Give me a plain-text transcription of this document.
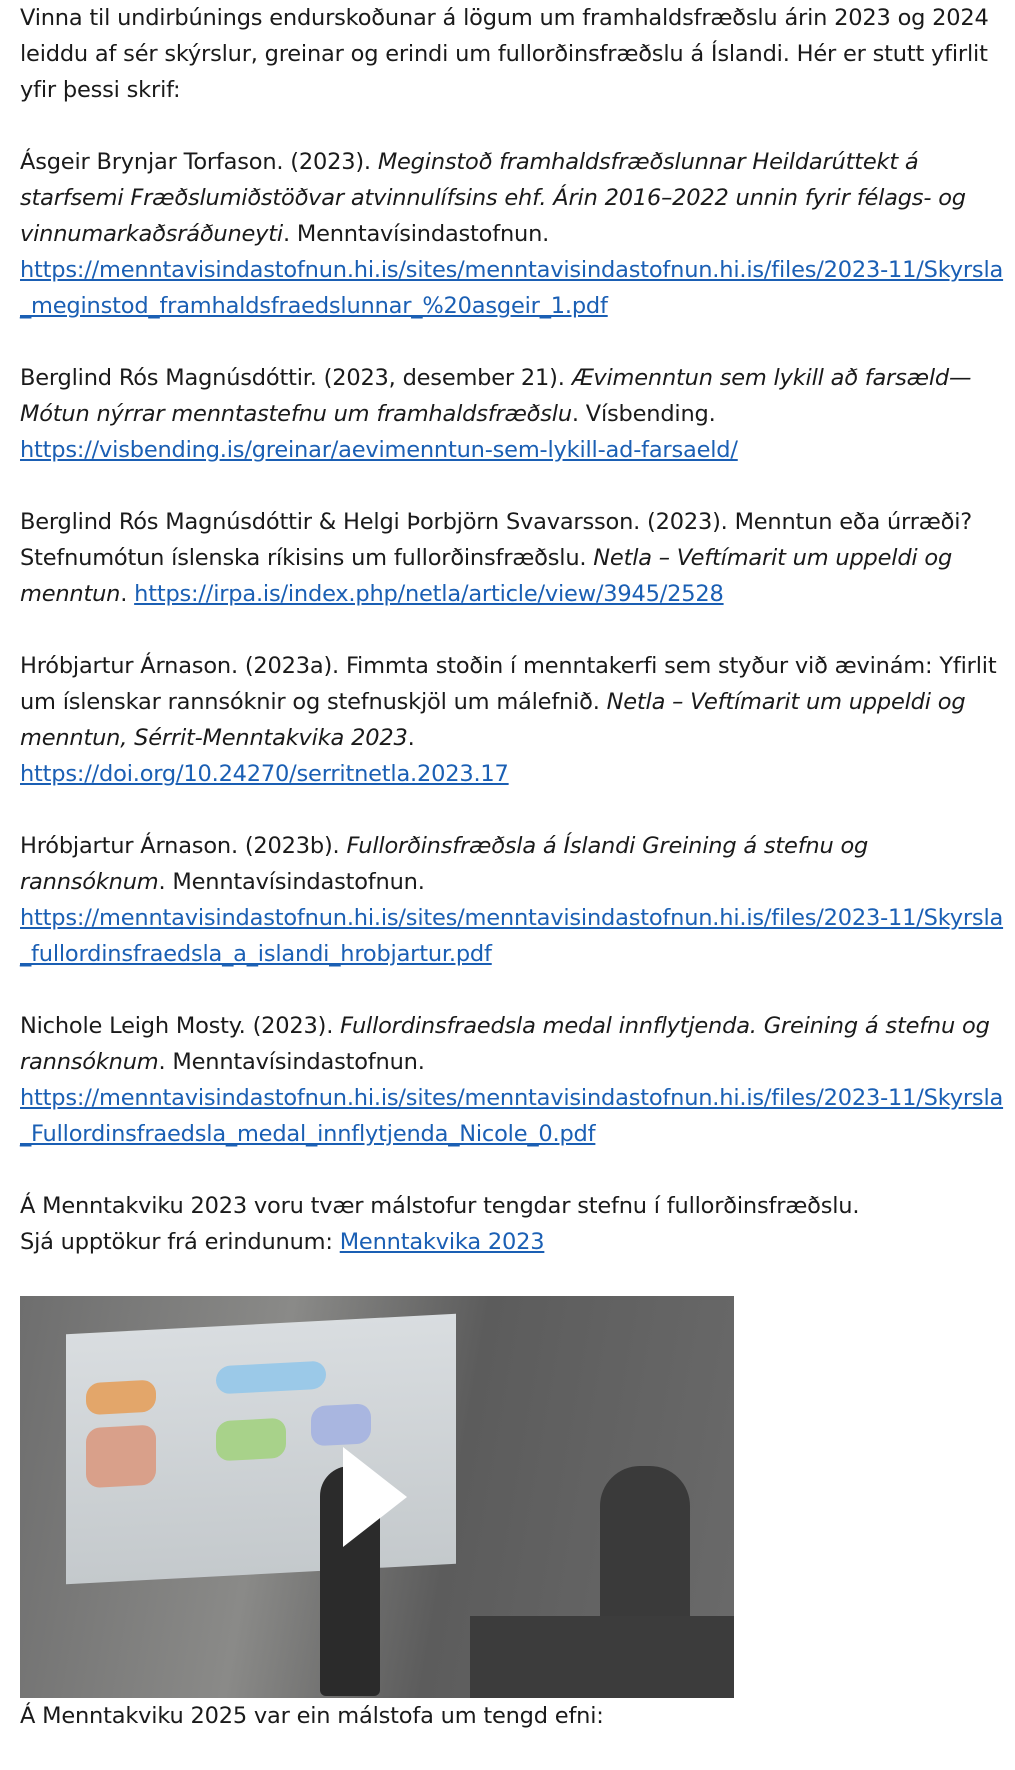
Vinna til undirbúnings endurskoðunar á lögum um framhaldsfræðslu árin 2023 og 2024 leiddu af sér skýrslur, greinar og erindi um fullorðinsfræðslu á Íslandi. Hér er stutt yfirlit yfir þessi skrif:

Ásgeir Brynjar Torfason. (2023). Meginstoð framhaldsfræðslunnar Heildarúttekt á starfsemi Fræðslumiðstöðvar atvinnulífsins ehf. Árin 2016–2022 unnin fyrir félags- og vinnumarkaðsráðuneyti. Menntavísindastofnun.
https://menntavisindastofnun.hi.is/sites/menntavisindastofnun.hi.is/files/2023-11/Skyrsla_meginstod_framhaldsfraedslunnar_%20asgeir_1.pdf

Berglind Rós Magnúsdóttir. (2023, desember 21). Ævimenntun sem lykill að farsæld—Mótun nýrrar menntastefnu um framhaldsfræðslu. Vísbending.
https://visbending.is/greinar/aevimenntun-sem-lykill-ad-farsaeld/

Berglind Rós Magnúsdóttir & Helgi Þorbjörn Svavarsson. (2023). Menntun eða úrræði? Stefnumótun íslenska ríkisins um fullorðinsfræðslu. Netla – Veftímarit um uppeldi og menntun. https://irpa.is/index.php/netla/article/view/3945/2528

Hróbjartur Árnason. (2023a). Fimmta stoðin í menntakerfi sem styður við ævinám: Yfirlit um íslenskar rannsóknir og stefnuskjöl um málefnið. Netla – Veftímarit um uppeldi og menntun, Sérrit-Menntakvika 2023.
https://doi.org/10.24270/serritnetla.2023.17

Hróbjartur Árnason. (2023b). Fullorðinsfræðsla á Íslandi Greining á stefnu og rannsóknum. Menntavísindastofnun.
https://menntavisindastofnun.hi.is/sites/menntavisindastofnun.hi.is/files/2023-11/Skyrsla_fullordinsfraedsla_a_islandi_hrobjartur.pdf

Nichole Leigh Mosty. (2023). Fullordinsfraedsla medal innflytjenda. Greining á stefnu og rannsóknum. Menntavísindastofnun.
https://menntavisindastofnun.hi.is/sites/menntavisindastofnun.hi.is/files/2023-11/Skyrsla_Fullordinsfraedsla_medal_innflytjenda_Nicole_0.pdf

Á Menntakviku 2023 voru tvær málstofur tengdar stefnu í fullorðinsfræðslu.
Sjá upptökur frá erindunum: Menntakvika 2023

Á Menntakviku 2025 var ein málstofa um tengd efni:
